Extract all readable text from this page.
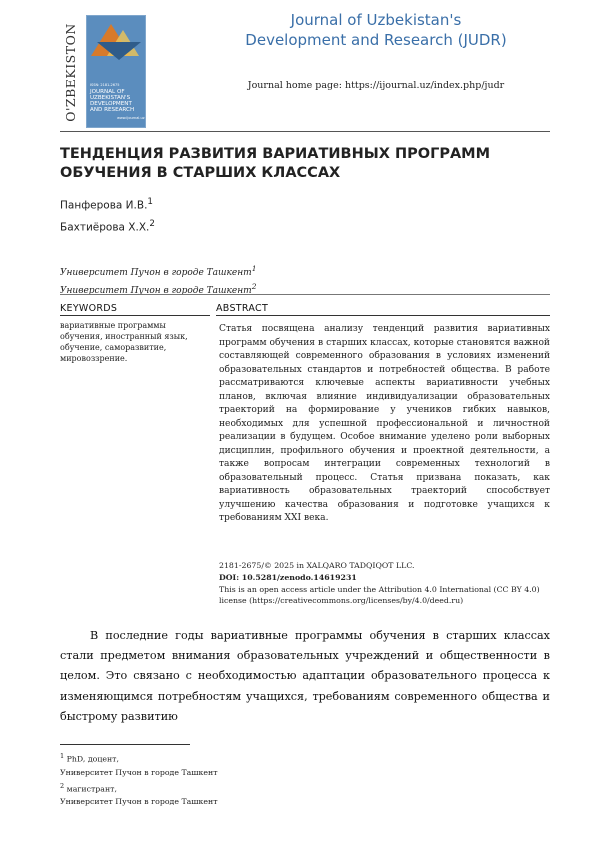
O'ZBEKISTON	ISSN: 2181-2675
JOURNAL OF UZBEKISTAN'S DEVELOPMENT AND RESEARCH
www.ijournal.uz
Journal of Uzbekistan's
Development and Research (JUDR)
Journal home page: https://ijournal.uz/index.php/judr
ТЕНДЕНЦИЯ РАЗВИТИЯ ВАРИАТИВНЫХ ПРОГРАММ ОБУЧЕНИЯ В СТАРШИХ КЛАССАХ
Панферова И.В.$^1$
Бахтиёрова Х.Х.$^2$
Университет Пучон в городе Ташкент$^1$
Университет Пучон в городе Ташкент$^2$
KEYWORDS
вариативные программы обучения, иностранный язык, обучение, саморазвитие, мировоззрение.
ABSTRACT
Статья посвящена анализу тенденций развития вариативных программ обучения в старших классах, которые становятся важной составляющей современного образования в условиях изменений образовательных стандартов и потребностей общества. В работе рассматриваются ключевые аспекты вариативности учебных планов, включая влияние индивидуализации образовательных траекторий на формирование у учеников гибких навыков, необходимых для успешной профессиональной и личностной реализации в будущем. Особое внимание уделено роли выборных дисциплин, профильного обучения и проектной деятельности, а также вопросам интеграции современных технологий в образовательный процесс. Статья призвана показать, как вариативность образовательных траекторий способствует улучшению качества образования и подготовке учащихся к требованиям XXI века.
2181-2675/© 2025 in XALQARO TADQIQOT LLC.
DOI: 10.5281/zenodo.14619231
This is an open access article under the Attribution 4.0 International (CC BY 4.0) license (https://creativecommons.org/licenses/by/4.0/deed.ru)
В последние годы вариативные программы обучения в старших классах стали предметом внимания образовательных учреждений и общественности в целом. Это связано с необходимостью адаптации образовательного процесса к изменяющимся потребностям учащихся, требованиям современного общества и быстрому развитию
$^1$ PhD, доцент,
Университет Пучон в городе Ташкент
$^2$ магистрант,
Университет Пучон в городе Ташкент
